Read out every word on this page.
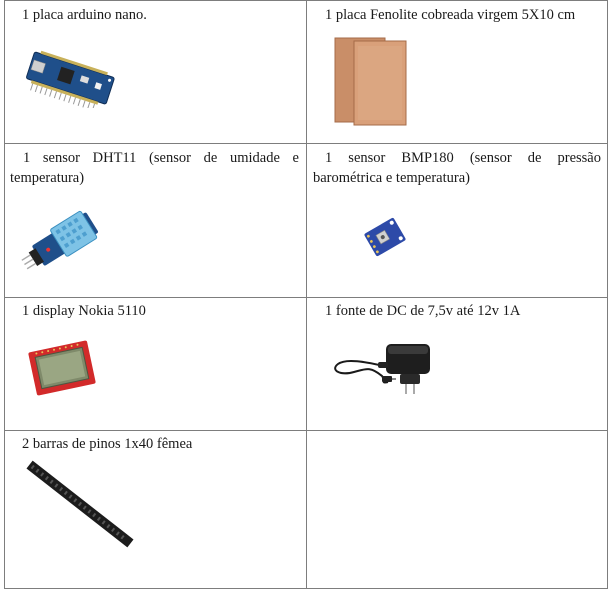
1 placa arduino nano.	1 placa Fenolite cobreada virgem 5X10 cm
1 sensor DHT11 (sensor de umidade e
temperatura)
1 sensor BMP180 (sensor de pressão
barométrica e temperatura)
1 display Nokia 5110	1 fonte de DC de 7,5v até 12v 1A
2 barras de pinos 1x40 fêmea
